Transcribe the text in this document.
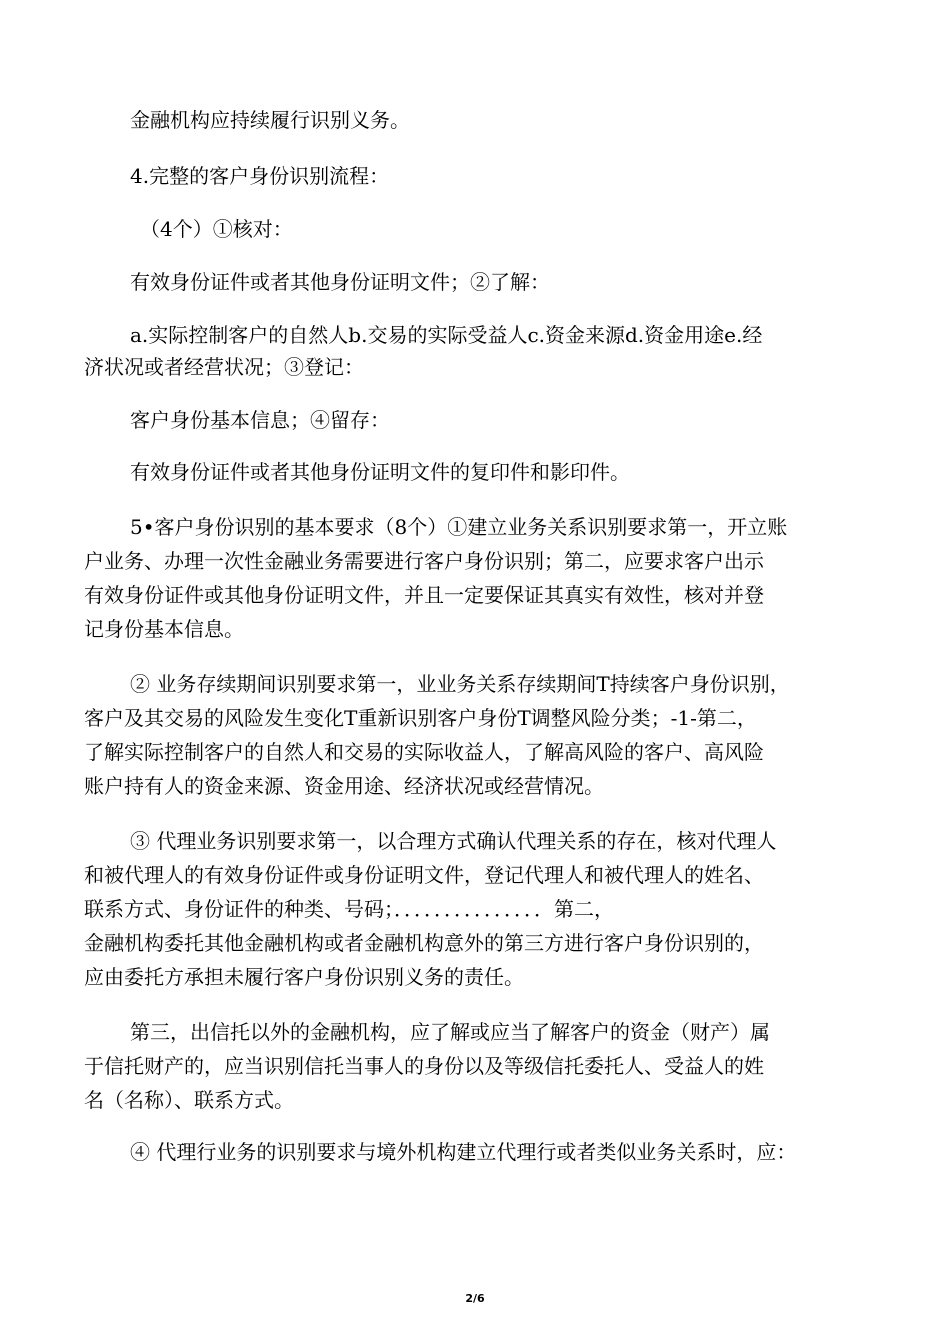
金融机构应持续履行识别义务。

4.完整的客户身份识别流程：

（4个）①核对：

有效身份证件或者其他身份证明文件；②了解：

a.实际控制客户的自然人b.交易的实际受益人c.资金来源d.资金用途e.经

济状况或者经营状况；③登记：

客户身份基本信息；④留存：

有效身份证件或者其他身份证明文件的复印件和影印件。

5•客户身份识别的基本要求（8个）①建立业务关系识别要求第一，开立账

户业务、办理一次性金融业务需要进行客户身份识别；第二，应要求客户出示

有效身份证件或其他身份证明文件，并且一定要保证其真实有效性，核对并登

记身份基本信息。

② 业务存续期间识别要求第一，业业务关系存续期间T持续客户身份识别，

客户及其交易的风险发生变化T重新识别客户身份T调整风险分类；-1-第二，

了解实际控制客户的自然人和交易的实际收益人，了解高风险的客户、高风险

账户持有人的资金来源、资金用途、经济状况或经营情况。

③ 代理业务识别要求第一，以合理方式确认代理关系的存在，核对代理人

和被代理人的有效身份证件或身份证明文件，登记代理人和被代理人的姓名、

联系方式、身份证件的种类、号码；．．．．．．．．．．．．．．．第二，

金融机构委托其他金融机构或者金融机构意外的第三方进行客户身份识别的，

应由委托方承担未履行客户身份识别义务的责任。

第三，出信托以外的金融机构，应了解或应当了解客户的资金（财产）属

于信托财产的，应当识别信托当事人的身份以及等级信托委托人、受益人的姓

名（名称）、联系方式。

④ 代理行业务的识别要求与境外机构建立代理行或者类似业务关系时，应：

2/6
